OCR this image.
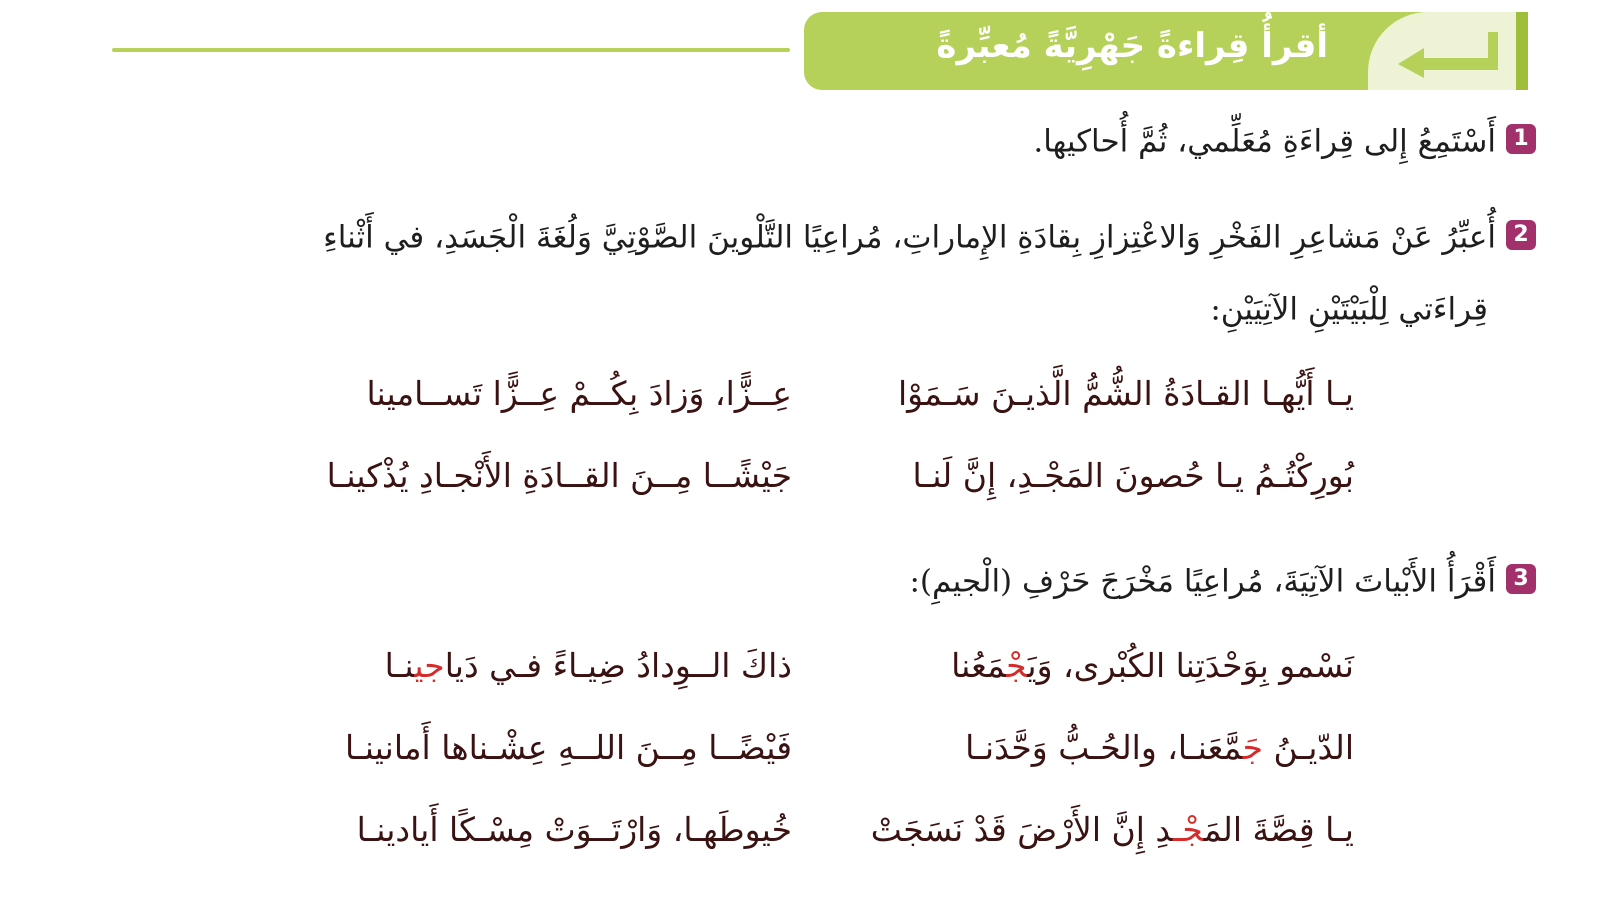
أقرأُ قِراءةً جَهْرِيَّةً مُعبِّرةً
1أَسْتَمِعُ إِلى قِراءَةِ مُعَلِّمي، ثُمَّ أُحاكيها.
2أُعبِّرُ عَنْ مَشاعِرِ الفَخْرِ وَالاعْتِزازِ بِقادَةِ الإِماراتِ، مُراعِيًا التَّلْوينَ الصَّوْتِيَّ وَلُغَةَ الْجَسَدِ، في أَثْناءِ
قِراءَتي لِلْبَيْتَيْنِ الآتِيَيْنِ:
يـا أَيُّهـا القـادَةُ الشُّمُّ الَّذيـنَ سَـمَوْا
عِــزًّا، وَزادَ بِكُــمْ عِــزًّا تَســامينا
بُورِكْتُـمُ يـا حُصونَ المَجْـدِ، إِنَّ لَنـا
جَيْشًــا مِــنَ القــادَةِ الأَنْجـادِ يُذْكينـا
3أَقْرَأُ الأَبْياتَ الآتِيَةَ، مُراعِيًا مَخْرَجَ حَرْفِ (الْجيمِ):
نَسْمو بِوَحْدَتِنا الكُبْرى، وَيَجْمَعُنا
ذاكَ الــوِدادُ ضِيـاءً فـي دَياجينـا
الدّيـنُ جَمَّعَنـا، والحُـبُّ وَحَّدَنـا
فَيْضًــا مِــنَ اللــهِ عِشْـناها أَمانينـا
يـا قِصَّةَ المَجْـدِ إِنَّ الأَرْضَ قَدْ نَسَجَتْ
خُيوطَهـا، وَارْتَــوَتْ مِسْـكًا أَيادينـا
